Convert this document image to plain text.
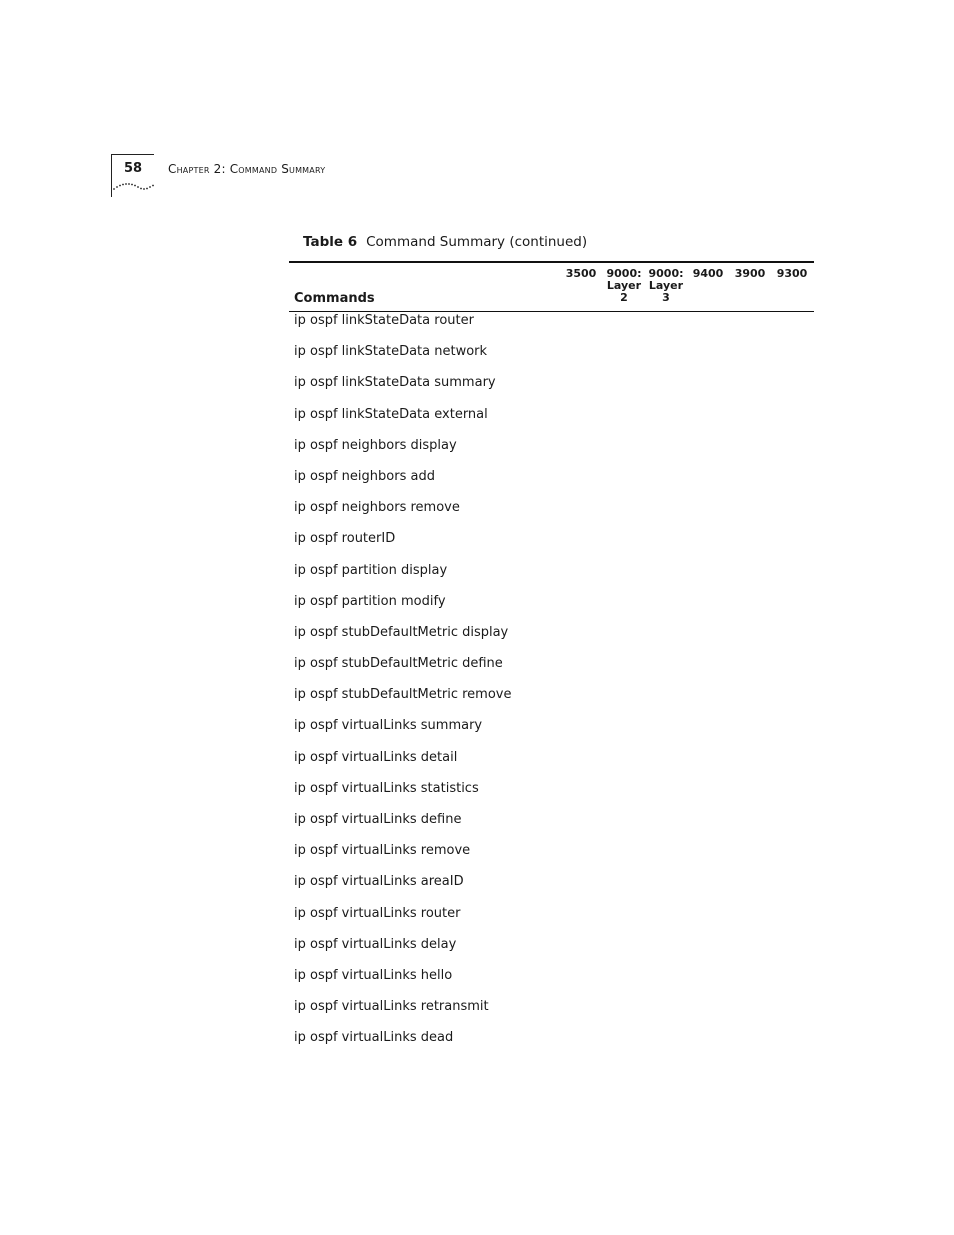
58 Chapter 2: Command Summary
Table 6 Command Summary (continued)
Commands
3500 9000:
Layer
2
9000:
Layer
3
9400	3900	9300
ip ospf linkStateData router
ip ospf linkStateData network
ip ospf linkStateData summary
ip ospf linkStateData external
ip ospf neighbors display
ip ospf neighbors add
ip ospf neighbors remove
ip ospf routerID
ip ospf partition display
ip ospf partition modify
ip ospf stubDefaultMetric display
ip ospf stubDefaultMetric define
ip ospf stubDefaultMetric remove
ip ospf virtualLinks summary
ip ospf virtualLinks detail
ip ospf virtualLinks statistics
ip ospf virtualLinks define
ip ospf virtualLinks remove
ip ospf virtualLinks areaID
ip ospf virtualLinks router
ip ospf virtualLinks delay
ip ospf virtualLinks hello
ip ospf virtualLinks retransmit
ip ospf virtualLinks dead
